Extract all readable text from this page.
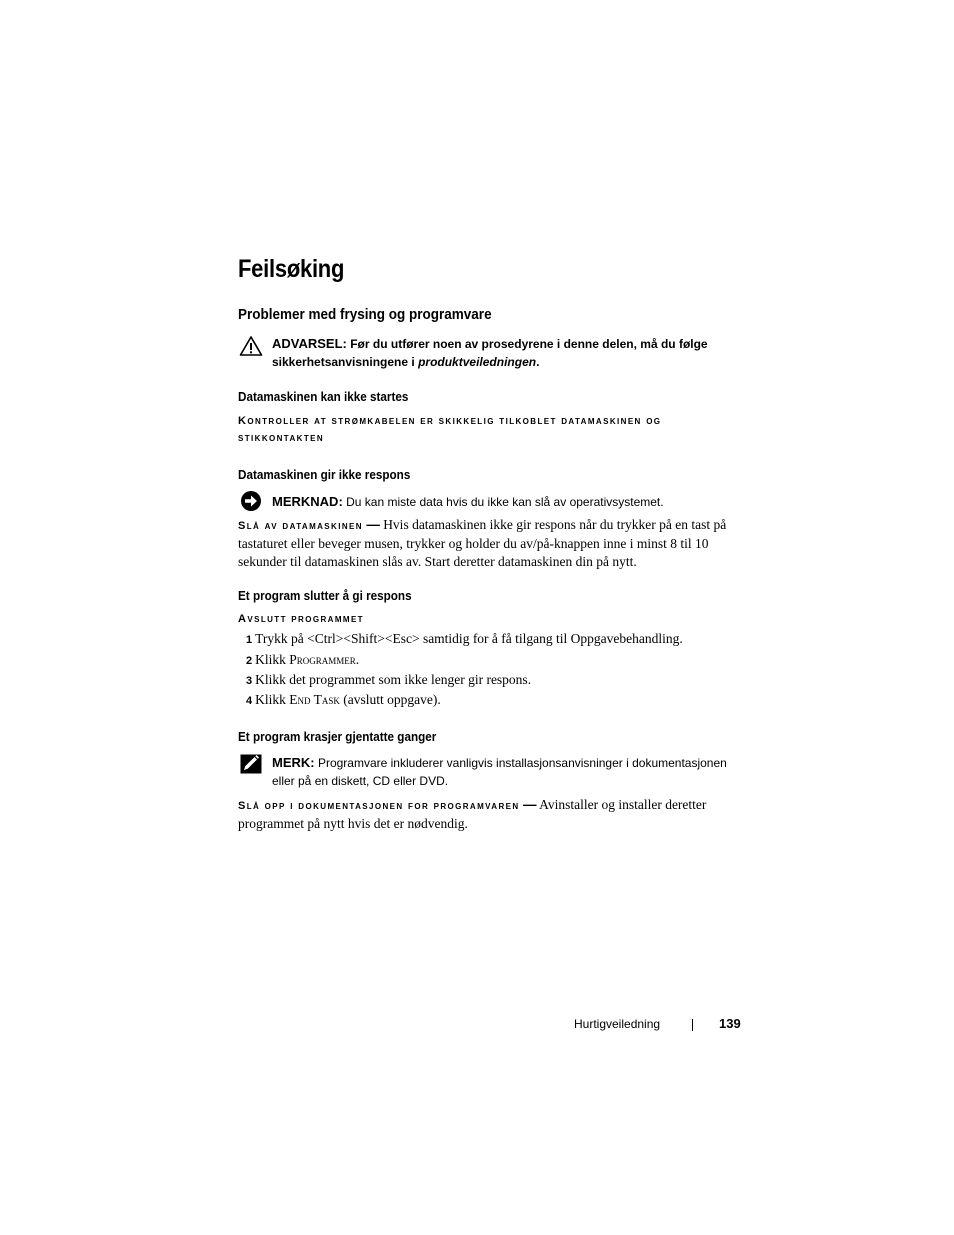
Feilsøking
Problemer med frysing og programvare
ADVARSEL: Før du utfører noen av prosedyrene i denne delen, må du følge sikkerhetsanvisningene i produktveiledningen.
Datamaskinen kan ikke startes
Kontroller at strømkabelen er skikkelig tilkoblet datamaskinen og stikkontakten
Datamaskinen gir ikke respons
MERKNAD: Du kan miste data hvis du ikke kan slå av operativsystemet.
Slå av datamaskinen — Hvis datamaskinen ikke gir respons når du trykker på en tast på tastaturet eller beveger musen, trykker og holder du av/på-knappen inne i minst 8 til 10 sekunder til datamaskinen slås av. Start deretter datamaskinen din på nytt.
Et program slutter å gi respons
Avslutt programmet
1 Trykk på <Ctrl><Shift><Esc> samtidig for å få tilgang til Oppgavebehandling.
2 Klikk Programmer.
3 Klikk det programmet som ikke lenger gir respons.
4 Klikk End Task (avslutt oppgave).
Et program krasjer gjentatte ganger
MERK: Programvare inkluderer vanligvis installasjonsanvisninger i dokumentasjonen eller på en diskett, CD eller DVD.
Slå opp i dokumentasjonen for programvaren — Avinstaller og installer deretter programmet på nytt hvis det er nødvendig.
Hurtigveiledning	139
